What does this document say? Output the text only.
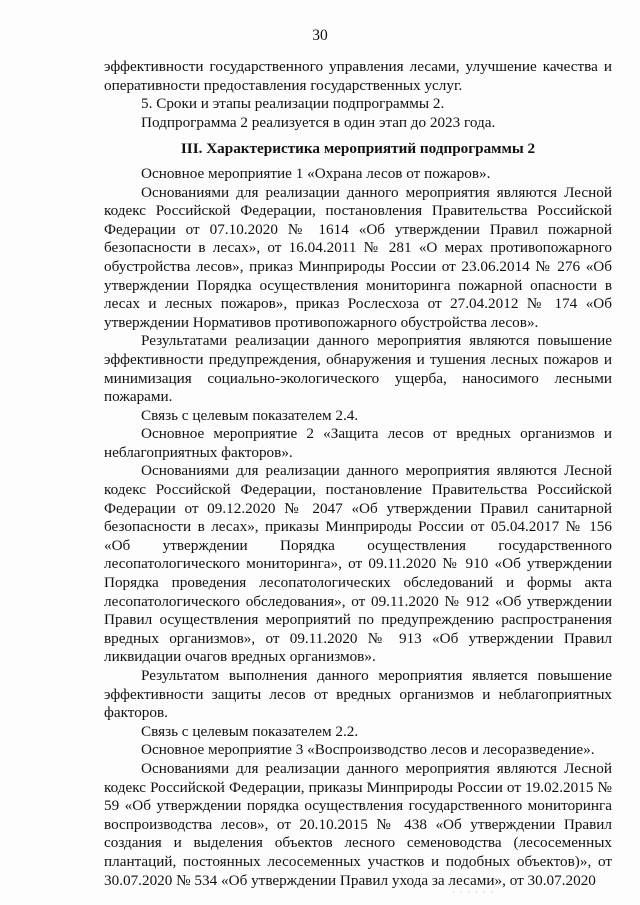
30

эффективности государственного управления лесами, улучшение качества и оперативности предоставления государственных услуг.

5. Сроки и этапы реализации подпрограммы 2.

Подпрограмма 2 реализуется в один этап до 2023 года.

III. Характеристика мероприятий подпрограммы 2

Основное мероприятие 1 «Охрана лесов от пожаров».

Основаниями для реализации данного мероприятия являются Лесной кодекс Российской Федерации, постановления Правительства Российской Федерации от 07.10.2020 № 1614 «Об утверждении Правил пожарной безопасности в лесах», от 16.04.2011 № 281 «О мерах противопожарного обустройства лесов», приказ Минприроды России от 23.06.2014 № 276 «Об утверждении Порядка осуществления мониторинга пожарной опасности в лесах и лесных пожаров», приказ Рослесхоза от 27.04.2012 № 174 «Об утверждении Нормативов противопожарного обустройства лесов».

Результатами реализации данного мероприятия являются повышение эффективности предупреждения, обнаружения и тушения лесных пожаров и минимизация социально-экологического ущерба, наносимого лесными пожарами.

Связь с целевым показателем 2.4.

Основное мероприятие 2 «Защита лесов от вредных организмов и неблагоприятных факторов».

Основаниями для реализации данного мероприятия являются Лесной кодекс Российской Федерации, постановление Правительства Российской Федерации от 09.12.2020 № 2047 «Об утверждении Правил санитарной безопасности в лесах», приказы Минприроды России от 05.04.2017 № 156 «Об утверждении Порядка осуществления государственного лесопатологического мониторинга», от 09.11.2020 № 910 «Об утверждении Порядка проведения лесопатологических обследований и формы акта лесопатологического обследования», от 09.11.2020 № 912 «Об утверждении Правил осуществления мероприятий по предупреждению распространения вредных организмов», от 09.11.2020 № 913 «Об утверждении Правил ликвидации очагов вредных организмов».

Результатом выполнения данного мероприятия является повышение эффективности защиты лесов от вредных организмов и неблагоприятных факторов.

Связь с целевым показателем 2.2.

Основное мероприятие 3 «Воспроизводство лесов и лесоразведение».

Основаниями для реализации данного мероприятия являются Лесной кодекс Российской Федерации, приказы Минприроды России от 19.02.2015 № 59 «Об утверждении порядка осуществления государственного мониторинга воспроизводства лесов», от 20.10.2015 № 438 «Об утверждении Правил создания и выделения объектов лесного семеноводства (лесосеменных плантаций, постоянных лесосеменных участков и подобных объектов)», от 30.07.2020 № 534 «Об утверждении Правил ухода за лесами», от 30.07.2020

· · · · · ·
